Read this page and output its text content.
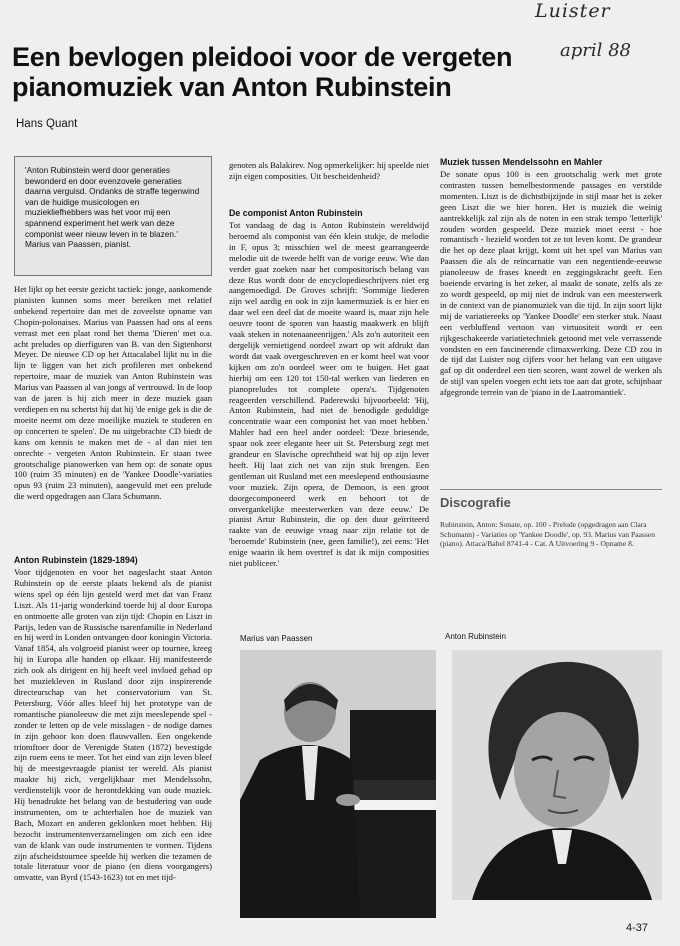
Luister
april 88
Een bevlogen pleidooi voor de vergeten pianomuziek van Anton Rubinstein
Hans Quant

'Anton Rubinstein werd door generaties bewonderd en door evenzovele generaties daarna verguisd. Ondanks de straffe tegenwind van de huidige musicologen en muziekliefhebbers was het voor mij een spannend experiment het werk van deze componist weer nieuw leven in te blazen.' Marius van Paassen, pianist.

Het lijkt op het eerste gezicht tactiek: jonge, aankomende pianisten kunnen soms meer bereiken met relatief onbekend repertoire dan met de zoveelste opname van Chopin-polonaises. Marius van Paassen had ons al eens verrast met een plaat rond het thema 'Dieren' met o.a. acht preludes op dierfiguren van B. van den Sigtenhorst Meyer. De nieuwe CD op het Attacalabel lijkt nu in die lijn te liggen van het zich profileren met onbekend repertoire, maar de muziek van Anton Rubinstein was Marius van Paassen al van jongs af vertrouwd. In de loop van de jaren is hij zich meer in deze muziek gaan verdiepen en nu schertst hij dat hij 'de enige gek is die de moeite neemt om deze moeilijke muziek te studeren en op concerten te spelen'. De nu uitgebrachte CD biedt de kans om kennis te maken met de - al dan niet ten onrechte - vergeten Anton Rubinstein. Er staan twee grootschalige pianowerken van hem op: de sonate opus 100 (ruim 35 minuten) en de 'Yankee Doodle'-variaties opus 93 (ruim 23 minuten), aangevuld met een prelude die werd opgedragen aan Clara Schumann.
Anton Rubinstein (1829-1894)

Voor tijdgenoten en voor het nageslacht staat Anton Rubinstein op de eerste plaats bekend als de pianist wiens spel op één lijn gesteld werd met dat van Franz Liszt. Als 11-jarig wonderkind toerde hij al door Europa en ontmoette alle groten van zijn tijd: Chopin en Liszt in Parijs, leden van de Russische tsarenfamilie in Nederland en hij werd in Londen ontvangen door koningin Victoria. Vanaf 1854, als volgroeid pianist weer op tournee, kreeg hij in Europa alle handen op elkaar. Hij manifesteerde zich ook als dirigent en hij heeft veel invloed gehad op het muziekleven in Rusland door zijn inspirerende directeurschap van het conservatorium van St. Petersburg. Vóór alles bleef hij het prototype van de romantische pianoleeuw die met zijn meeslepende spel - zonder te letten op de vele misslagen - de nodige dames in zijn gehoor kon doen flauwvallen. Een ongekende triomftoer door de Verenigde Staten (1872) bevestigde zijn roem eens te meer. Tot het eind van zijn leven bleef hij de meestgevraagde pianist ter wereld. Als pianist maakte hij zich, vergelijkbaar met Mendelssohn, verdienstelijk voor de herontdekking van oude muziek. Hij benadrukte het belang van de bestudering van oude instrumenten, om te achterhalen hoe de muziek van Bach, Mozart en anderen geklonken moet hebben. Hij bezocht instrumentenverzamelingen om zich een idee van de klank van oude instrumenten te vormen. Tijdens zijn afscheidstournee speelde hij werken die tezamen de totale literatuur voor de piano (en diens voorgangers) omvatte, van Byrd (1543-1623) tot en met tijd-

genoten als Balakirev. Nog opmerkelijker: hij speelde niet zijn eigen composities. Uit bescheidenheid?
De componist Anton Rubinstein

Tot vandaag de dag is Anton Rubinstein wereldwijd beroemd als componist van één klein stukje, de melodie in F, opus 3; misschien wel de meest gearrangeerde melodie uit de tweede helft van de vorige eeuw. Wie dan verder gaat zoeken naar het compositorisch belang van deze Rus wordt door de encyclopedieschrijvers niet erg aangemoedigd. De Groves schrijft: 'Sommige liederen zijn wel aardig en ook in zijn kamermuziek is er hier en daar wel een deel dat de moeite waard is, maar zijn hele oeuvre toont de sporen van haastig maakwerk en blijft vaak steken in notenaaneenrijgen.' Als zo'n autoriteit een dergelijk vernietigend oordeel zwart op wit afdrukt dan wordt dat vaak overgeschreven en er komt heel wat voor kijken om zo'n oordeel weer om te buigen. Het gaat hierbij om een 120 tot 150-tal werken van liederen en pianopreludes tot complete opera's. Tijdgenoten reageerden verschillend. Paderewski bijvoorbeeld: 'Hij, Anton Rubinstein, had niet de benodigde geduldige concentratie waar een componist het van moet hebben.' Mahler had een heel ander oordeel: 'Deze briesende, spaar ook zeer elegante heer uit St. Petersburg zegt met grandeur en Slavische oprechtheid wat hij op zijn lever heeft. Hij laat zich net van zijn stuk brengen. Een gentleman uit Rusland met een meeslepend enthousiasme voor muziek. Zijn opera, de Demoon, is een groot doorgecomponeerd werk en behoort tot de onvergankelijke meesterwerken van deze eeuw.' De pianist Artur Rubinstein, die op den duur geïrriteerd raakte van de eeuwige vraag naar zijn relatie tot de 'beroemde' Rubinstein (nee, geen familie!), zei eens: 'Het enige waarin ik hem overtref is dat ik mijn composities niet publiceer.'

Muziek tussen Mendelssohn en Mahler

De sonate opus 100 is een grootschalig werk met grote contrasten tussen hemelbestormende passages en verstilde momenten. Liszt is de dichtstbijzijnde in stijl maar het is zeker geen Liszt die we hier horen. Het is muziek die weinig aantrekkelijk zal zijn als de noten in een strak tempo 'letterlijk' zouden worden gespeeld. Deze muziek moet eerst - hoe romantisch - bezield worden tot ze tot leven komt. De grandeur die het op deze plaat krijgt, komt uit het spel van Marius van Paassen die als de reïncarnatie van een negentiende-eeuwse pianoleeuw de frases kneedt en zeggingskracht geeft. Een boeiende ervaring is het zeker, al maakt de sonate, zelfs als ze zo wordt gespeeld, op mij niet de indruk van een meesterwerk in de context van de pianomuziek van die tijd. In zijn soort lijkt mij de variatiereeks op 'Yankee Doodle' een sterker stuk. Naast een verbluffend vertoon van virtuositeit wordt er een rijkgeschakeerde variatietechniek getoond met vele verrassende vondsten en een fascinerende climaxwerking. Deze CD zou in de tijd dat Luister nog cijfers voor het belang van een uitgave gaf op dit onderdeel een tien scoren, want zowel de werken als de stijl van spelen voegen echt iets toe aan dat grote, schijnbaar afgegronde terrein van de 'piano in de Laatromantiek'.

Discografie
Rubinstein, Anton: Sonate, op. 100 - Prelude (opgedragen aan Clara Schumann) - Variaties op 'Yankee Doodle', op. 93. Marius van Paassen (piano). Attaca/Babel 8741-4 - Cat. A Uitvoering 9 - Opname 8.
Marius van Paassen	Anton Rubinstein
4-37
